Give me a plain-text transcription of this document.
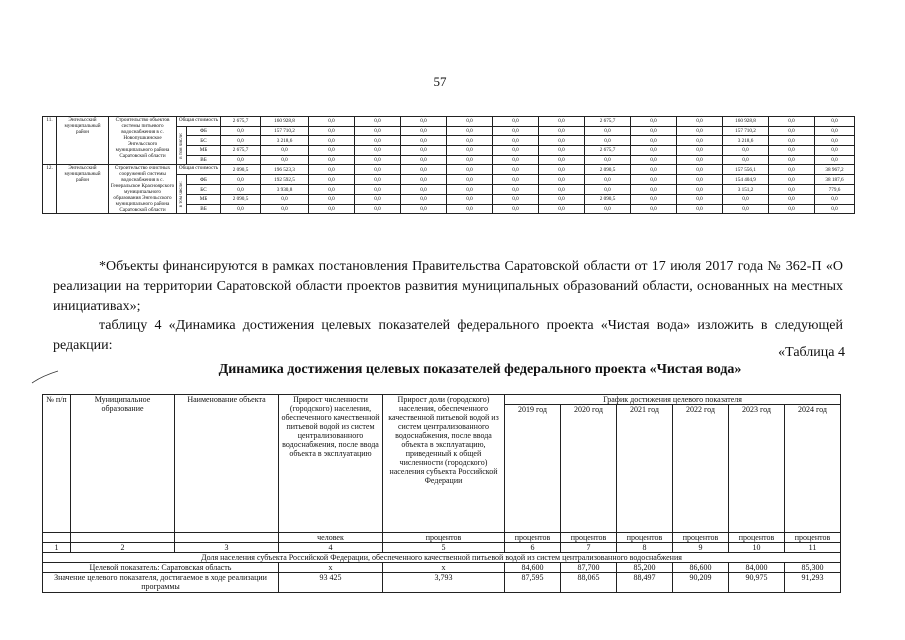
57
11.	Энгельсский муниципальный район	Строительство объектов системы питьевого водоснабжения в с. Новопушкинское Энгельсского муниципального района Саратовской области	Общая стоимость		2 675,7	160 928,8	0,0	0,0	0,0	0,0	0,0	0,0	2 675,7	0,0	0,0	160 928,8	0,0	0,0
			в том числе:	ФБ	0,0	157 710,2	0,0	0,0	0,0	0,0	0,0	0,0	0,0	0,0	0,0	157 710,2	0,0	0,0
				БС	0,0	3 218,6	0,0	0,0	0,0	0,0	0,0	0,0	0,0	0,0	0,0	3 218,6	0,0	0,0
				МБ	2 675,7	0,0	0,0	0,0	0,0	0,0	0,0	0,0	2 675,7	0,0	0,0	0,0	0,0	0,0
				ВБ	0,0	0,0	0,0	0,0	0,0	0,0	0,0	0,0	0,0	0,0	0,0	0,0	0,0	0,0
12.	Энгельсский муниципальный район	Строительство очистных сооружений системы водоснабжения в с. Генеральское Красноярского муниципального образования Энгельсского муниципального района Саратовской области	Общая стоимость		2 090,5	196 523,3	0,0	0,0	0,0	0,0	0,0	0,0	2 090,5	0,0	0,0	157 556,1	0,0	38 967,2
			в том числе:	ФБ	0,0	192 592,5	0,0	0,0	0,0	0,0	0,0	0,0	0,0	0,0	0,0	154 404,9	0,0	38 187,6
				БС	0,0	3 930,8	0,0	0,0	0,0	0,0	0,0	0,0	0,0	0,0	0,0	3 151,2	0,0	779,6
				МБ	2 090,5	0,0	0,0	0,0	0,0	0,0	0,0	0,0	2 090,5	0,0	0,0	0,0	0,0	0,0
				ВБ	0,0	0,0	0,0	0,0	0,0	0,0	0,0	0,0	0,0	0,0	0,0	0,0	0,0	0,0
*Объекты финансируются в рамках постановления Правительства Саратовской области от 17 июля 2017 года № 362-П «О реализации на территории Саратовской области проектов развития муниципальных образований области, основанных на местных инициативах»;
таблицу 4 «Динамика достижения целевых показателей федерального проекта «Чистая вода» изложить в следующей редакции:	«Таблица 4
Динамика достижения целевых показателей федерального проекта «Чистая вода»
№ п/п	Муниципальное образование	Наименование объекта	Прирост численности (городского) населения, обеспеченного качественной питьевой водой из систем централизованного водоснабжения, после ввода объекта в эксплуатацию	Прирост доли (городского) населения, обеспеченного качественной питьевой водой из систем централизованного водоснабжения, после ввода объекта в эксплуатацию, приведенный к общей численности (городского) населения субъекта Российской Федерации	График достижения целевого показателя					
					2019 год	2020 год	2021 год	2022 год	2023 год	2024 год
			человек	процентов	процентов	процентов	процентов	процентов	процентов	процентов
1	2	3	4	5	6	7	8	9	10	11
Доля населения субъекта Российской Федерации, обеспеченного качественной питьевой водой из систем централизованного водоснабжения										
Целевой показатель: Саратовская область			x	x	84,600	87,700	85,200	86,600	84,000	85,300
Значение целевого показателя, достигаемое в ходе реализации программы			93 425	3,793	87,595	88,065	88,497	90,209	90,975	91,293
